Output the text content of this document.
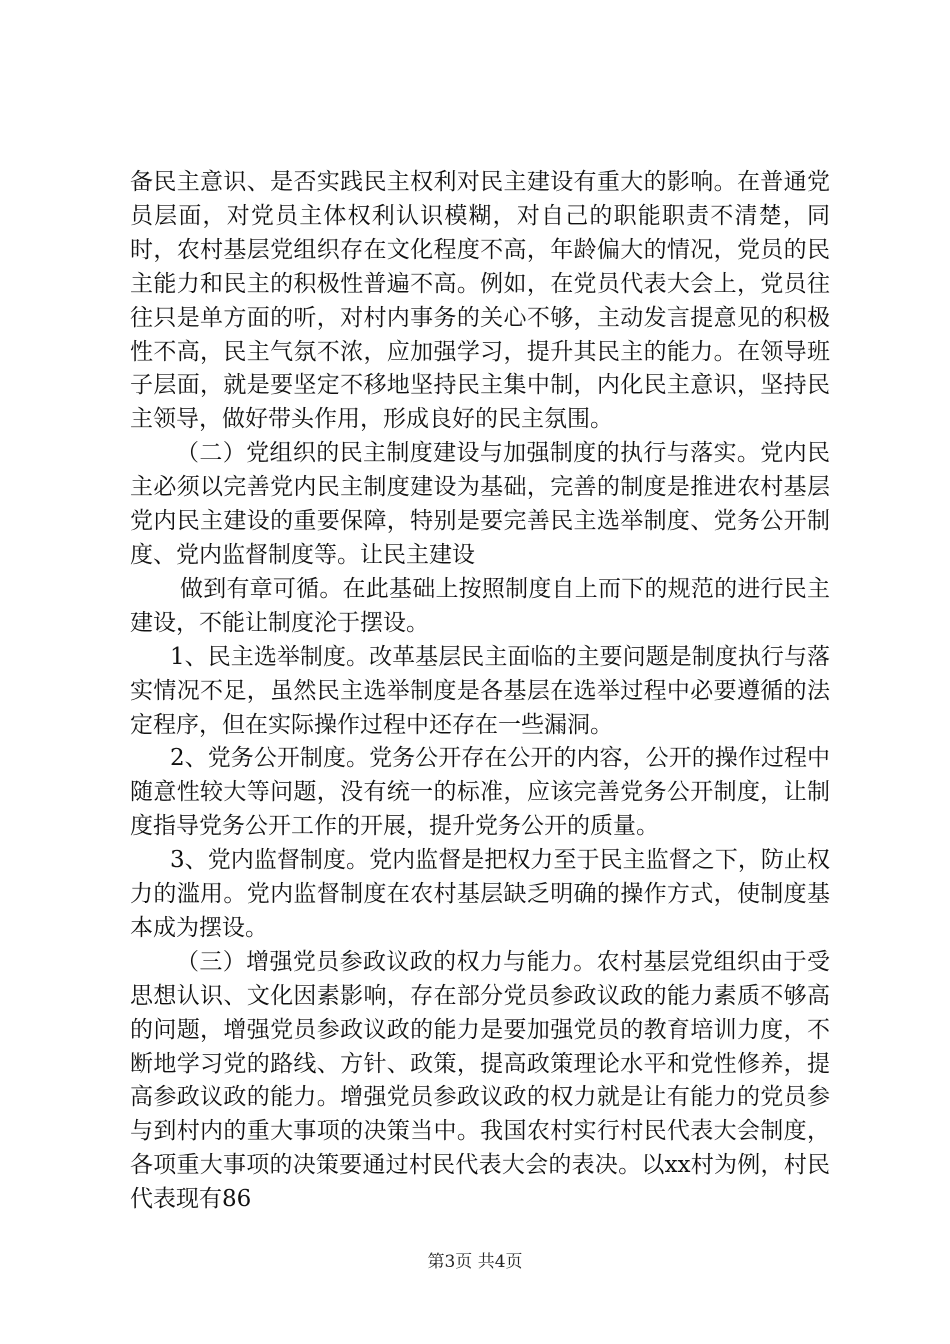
备民主意识、是否实践民主权利对民主建设有重大的影响。在普通党员层面，对党员主体权利认识模糊，对自己的职能职责不清楚，同时，农村基层党组织存在文化程度不高，年龄偏大的情况，党员的民主能力和民主的积极性普遍不高。例如，在党员代表大会上，党员往往只是单方面的听，对村内事务的关心不够，主动发言提意见的积极性不高，民主气氛不浓，应加强学习，提升其民主的能力。在领导班子层面，就是要坚定不移地坚持民主集中制，内化民主意识，坚持民主领导，做好带头作用，形成良好的民主氛围。

（二）党组织的民主制度建设与加强制度的执行与落实。党内民主必须以完善党内民主制度建设为基础，完善的制度是推进农村基层党内民主建设的重要保障，特别是要完善民主选举制度、党务公开制度、党内监督制度等。让民主建设

做到有章可循。在此基础上按照制度自上而下的规范的进行民主建设，不能让制度沦于摆设。

1、民主选举制度。改革基层民主面临的主要问题是制度执行与落实情况不足，虽然民主选举制度是各基层在选举过程中必要遵循的法定程序，但在实际操作过程中还存在一些漏洞。

2、党务公开制度。党务公开存在公开的内容，公开的操作过程中随意性较大等问题，没有统一的标准，应该完善党务公开制度，让制度指导党务公开工作的开展，提升党务公开的质量。

3、党内监督制度。党内监督是把权力至于民主监督之下，防止权力的滥用。党内监督制度在农村基层缺乏明确的操作方式，使制度基本成为摆设。

（三）增强党员参政议政的权力与能力。农村基层党组织由于受思想认识、文化因素影响，存在部分党员参政议政的能力素质不够高的问题，增强党员参政议政的能力是要加强党员的教育培训力度，不断地学习党的路线、方针、政策，提高政策理论水平和党性修养，提高参政议政的能力。增强党员参政议政的权力就是让有能力的党员参与到村内的重大事项的决策当中。我国农村实行村民代表大会制度，各项重大事项的决策要通过村民代表大会的表决。以xx村为例，村民代表现有86

第3页 共4页
